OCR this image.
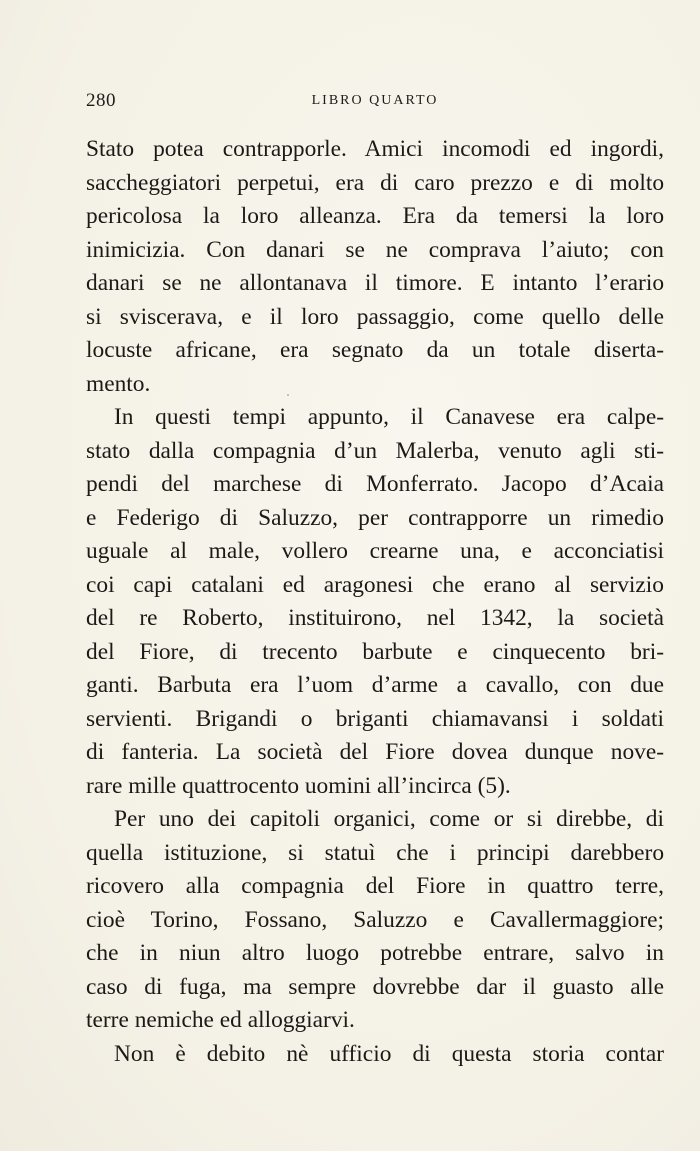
280	LIBRO QUARTO
Stato potea contrapporle. Amici incomodi ed ingordi,
saccheggiatori perpetui, era di caro prezzo e di molto
pericolosa la loro alleanza. Era da temersi la loro
inimicizia. Con danari se ne comprava l’aiuto; con
danari se ne allontanava il timore. E intanto l’erario
si sviscerava, e il loro passaggio, come quello delle
locuste africane, era segnato da un totale diserta-
mento.
In questi tempi appunto, il Canavese era calpe-
stato dalla compagnia d’un Malerba, venuto agli sti-
pendi del marchese di Monferrato. Jacopo d’Acaia
e Federigo di Saluzzo, per contrapporre un rimedio
uguale al male, vollero crearne una, e acconciatisi
coi capi catalani ed aragonesi che erano al servizio
del re Roberto, instituirono, nel 1342, la società
del Fiore, di trecento barbute e cinquecento bri-
ganti. Barbuta era l’uom d’arme a cavallo, con due
servienti. Brigandi o briganti chiamavansi i soldati
di fanteria. La società del Fiore dovea dunque nove-
rare mille quattrocento uomini all’incirca (5).
Per uno dei capitoli organici, come or si direbbe, di
quella istituzione, si statuì che i principi darebbero
ricovero alla compagnia del Fiore in quattro terre,
cioè Torino, Fossano, Saluzzo e Cavallermaggiore;
che in niun altro luogo potrebbe entrare, salvo in
caso di fuga, ma sempre dovrebbe dar il guasto alle
terre nemiche ed alloggiarvi.
Non è debito nè ufficio di questa storia contar
